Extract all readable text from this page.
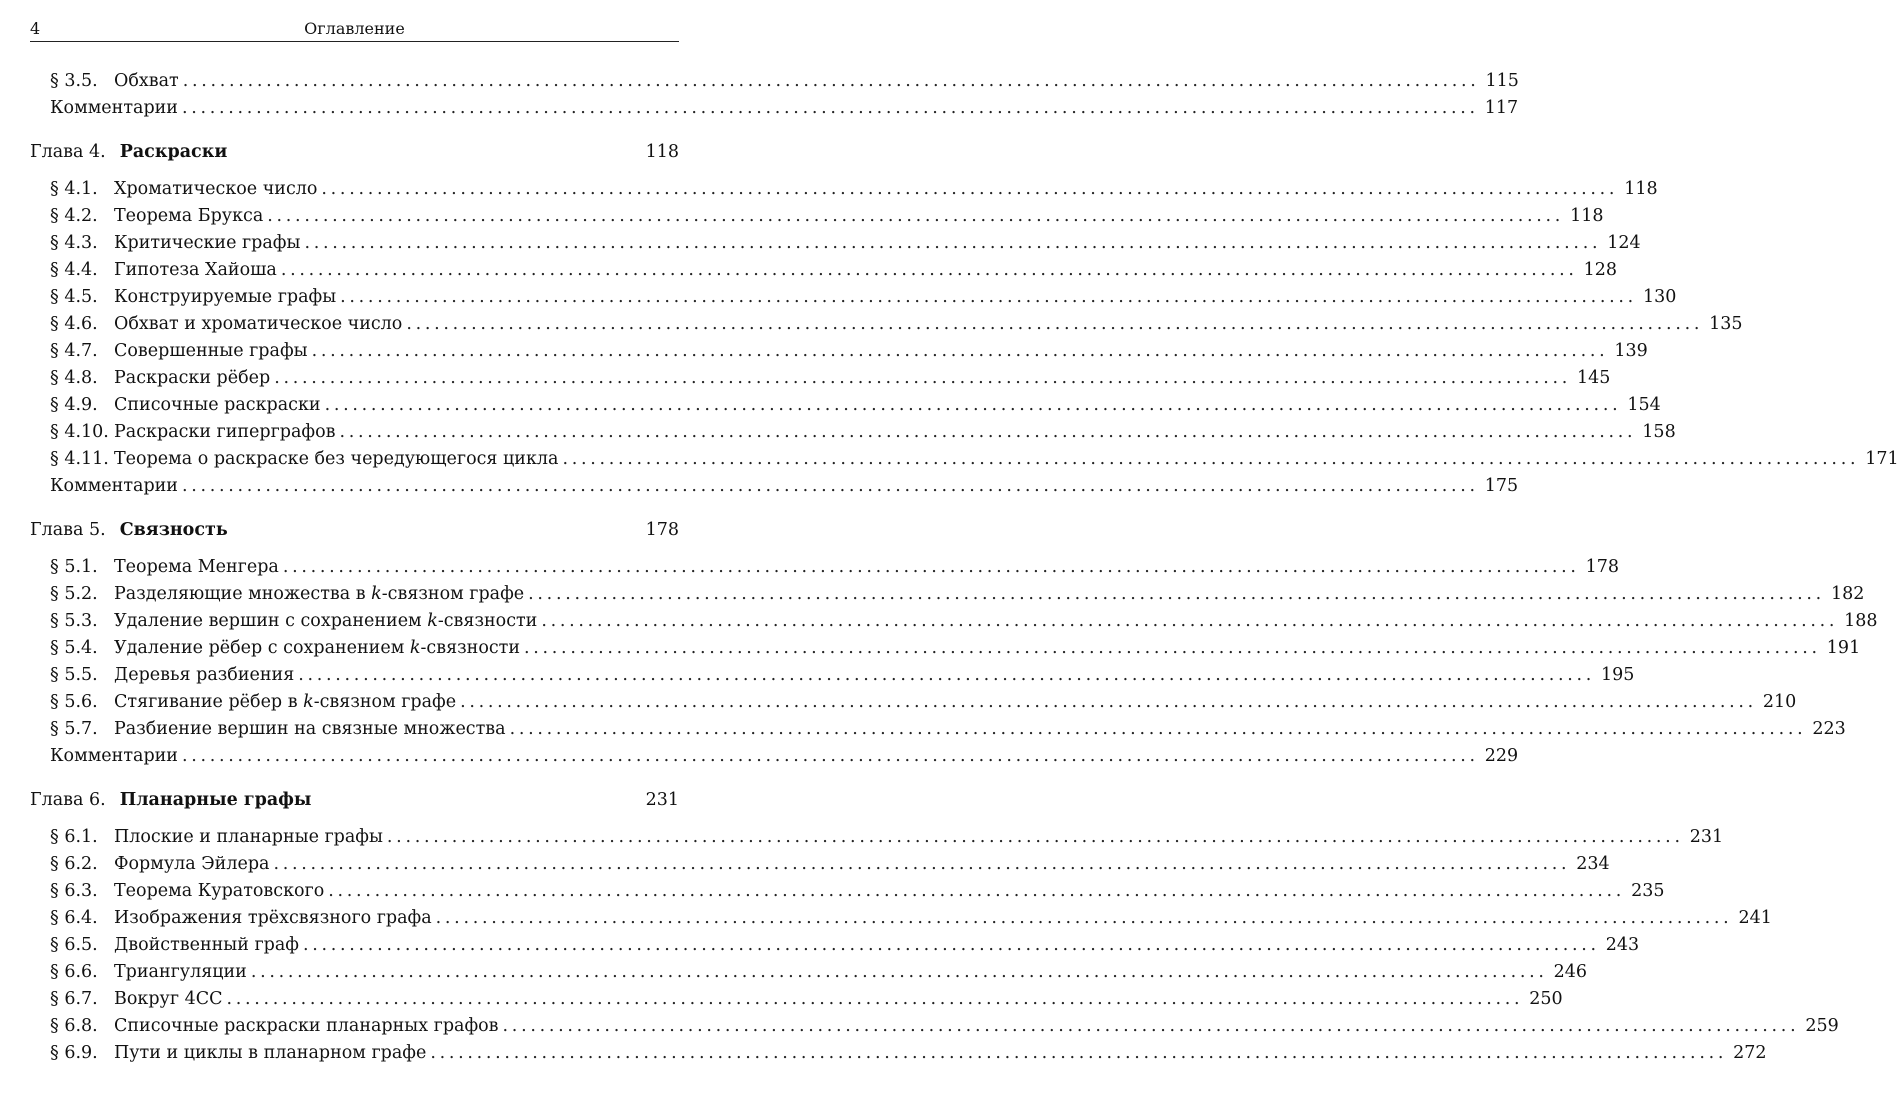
4	Оглавление
§ 3.5. Обхват ............................................................................................................................................ 115
Комментарии ............................................................................................................................................ 117
Глава 4. Раскраски	118
§ 4.1. Хроматическое число ............................................................................................................................................ 118
§ 4.2. Теорема Брукса ............................................................................................................................................ 118
§ 4.3. Критические графы ............................................................................................................................................ 124
§ 4.4. Гипотеза Хайоша ............................................................................................................................................ 128
§ 4.5. Конструируемые графы ............................................................................................................................................ 130
§ 4.6. Обхват и хроматическое число ............................................................................................................................................ 135
§ 4.7. Совершенные графы ............................................................................................................................................ 139
§ 4.8. Раскраски рёбер ............................................................................................................................................ 145
§ 4.9. Списочные раскраски ............................................................................................................................................ 154
§ 4.10. Раскраски гиперграфов ............................................................................................................................................ 158
§ 4.11. Теорема о раскраске без чередующегося цикла ............................................................................................................................................ 171
Комментарии ............................................................................................................................................ 175
Глава 5. Связность	178
§ 5.1. Теорема Менгера ............................................................................................................................................ 178
§ 5.2. Разделяющие множества в k-связном графе ............................................................................................................................................ 182
§ 5.3. Удаление вершин с сохранением k-связности ............................................................................................................................................ 188
§ 5.4. Удаление рёбер с сохранением k-связности ............................................................................................................................................ 191
§ 5.5. Деревья разбиения ............................................................................................................................................ 195
§ 5.6. Стягивание рёбер в k-связном графе ............................................................................................................................................ 210
§ 5.7. Разбиение вершин на связные множества ............................................................................................................................................ 223
Комментарии ............................................................................................................................................ 229
Глава 6. Планарные графы	231
§ 6.1. Плоские и планарные графы ............................................................................................................................................ 231
§ 6.2. Формула Эйлера ............................................................................................................................................ 234
§ 6.3. Теорема Куратовского ............................................................................................................................................ 235
§ 6.4. Изображения трёхсвязного графа ............................................................................................................................................ 241
§ 6.5. Двойственный граф ............................................................................................................................................ 243
§ 6.6. Триангуляции ............................................................................................................................................ 246
§ 6.7. Вокруг 4CC ............................................................................................................................................ 250
§ 6.8. Списочные раскраски планарных графов ............................................................................................................................................ 259
§ 6.9. Пути и циклы в планарном графе ............................................................................................................................................ 272
